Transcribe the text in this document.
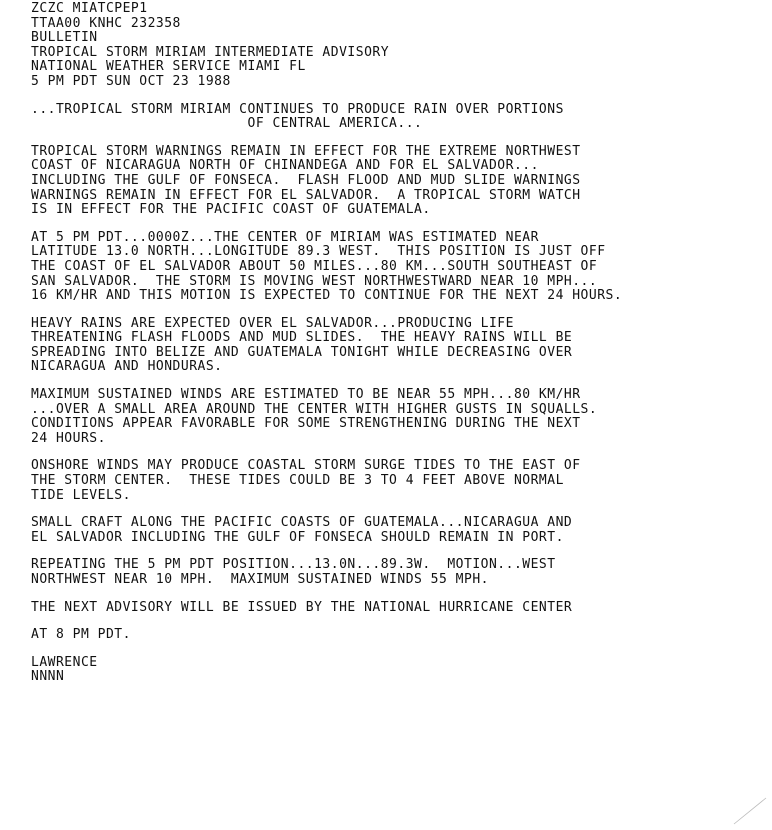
ZCZC MIATCPEP1
TTAA00 KNHC 232358
BULLETIN
TROPICAL STORM MIRIAM INTERMEDIATE ADVISORY
NATIONAL WEATHER SERVICE MIAMI FL
5 PM PDT SUN OCT 23 1988
...TROPICAL STORM MIRIAM CONTINUES TO PRODUCE RAIN OVER PORTIONS
OF CENTRAL AMERICA...
TROPICAL STORM WARNINGS REMAIN IN EFFECT FOR THE EXTREME NORTHWEST
COAST OF NICARAGUA NORTH OF CHINANDEGA AND FOR EL SALVADOR...
INCLUDING THE GULF OF FONSECA.  FLASH FLOOD AND MUD SLIDE WARNINGS
WARNINGS REMAIN IN EFFECT FOR EL SALVADOR.  A TROPICAL STORM WATCH
IS IN EFFECT FOR THE PACIFIC COAST OF GUATEMALA.
AT 5 PM PDT...0000Z...THE CENTER OF MIRIAM WAS ESTIMATED NEAR
LATITUDE 13.0 NORTH...LONGITUDE 89.3 WEST.  THIS POSITION IS JUST OFF
THE COAST OF EL SALVADOR ABOUT 50 MILES...80 KM...SOUTH SOUTHEAST OF
SAN SALVADOR.  THE STORM IS MOVING WEST NORTHWESTWARD NEAR 10 MPH...
16 KM/HR AND THIS MOTION IS EXPECTED TO CONTINUE FOR THE NEXT 24 HOURS.
HEAVY RAINS ARE EXPECTED OVER EL SALVADOR...PRODUCING LIFE
THREATENING FLASH FLOODS AND MUD SLIDES.  THE HEAVY RAINS WILL BE
SPREADING INTO BELIZE AND GUATEMALA TONIGHT WHILE DECREASING OVER
NICARAGUA AND HONDURAS.
MAXIMUM SUSTAINED WINDS ARE ESTIMATED TO BE NEAR 55 MPH...80 KM/HR
...OVER A SMALL AREA AROUND THE CENTER WITH HIGHER GUSTS IN SQUALLS.
CONDITIONS APPEAR FAVORABLE FOR SOME STRENGTHENING DURING THE NEXT
24 HOURS.
ONSHORE WINDS MAY PRODUCE COASTAL STORM SURGE TIDES TO THE EAST OF
THE STORM CENTER.  THESE TIDES COULD BE 3 TO 4 FEET ABOVE NORMAL
TIDE LEVELS.
SMALL CRAFT ALONG THE PACIFIC COASTS OF GUATEMALA...NICARAGUA AND
EL SALVADOR INCLUDING THE GULF OF FONSECA SHOULD REMAIN IN PORT.
REPEATING THE 5 PM PDT POSITION...13.0N...89.3W.  MOTION...WEST
NORTHWEST NEAR 10 MPH.  MAXIMUM SUSTAINED WINDS 55 MPH.
THE NEXT ADVISORY WILL BE ISSUED BY THE NATIONAL HURRICANE CENTER
AT 8 PM PDT.
LAWRENCE
NNNN
